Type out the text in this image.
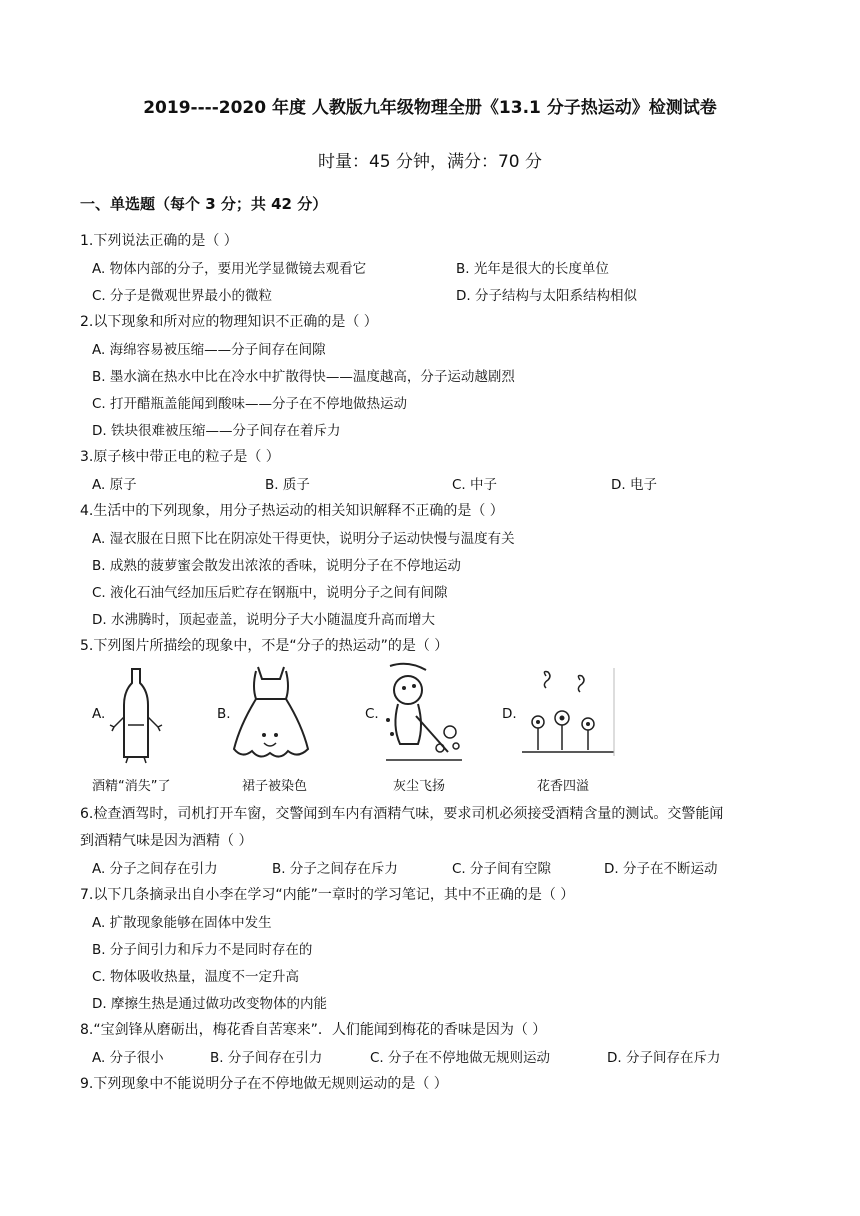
2019----2020 年度 人教版九年级物理全册《13.1 分子热运动》检测试卷
时量：45 分钟，满分：70 分
一、单选题（每个 3 分；共 42 分）
1.下列说法正确的是（ ）
A. 物体内部的分子，要用光学显微镜去观看它	B. 光年是很大的长度单位
C. 分子是微观世界最小的微粒	D. 分子结构与太阳系结构相似
2.以下现象和所对应的物理知识不正确的是（ ）
A. 海绵容易被压缩——分子间存在间隙
B. 墨水滴在热水中比在冷水中扩散得快——温度越高，分子运动越剧烈
C. 打开醋瓶盖能闻到酸味——分子在不停地做热运动
D. 铁块很难被压缩——分子间存在着斥力
3.原子核中带正电的粒子是（ ）
A. 原子	B. 质子	C. 中子	D. 电子
4.生活中的下列现象，用分子热运动的相关知识解释不正确的是（ ）
A. 湿衣服在日照下比在阴凉处干得更快，说明分子运动快慢与温度有关
B. 成熟的菠萝蜜会散发出浓浓的香味，说明分子在不停地运动
C. 液化石油气经加压后贮存在钢瓶中，说明分子之间有间隙
D. 水沸腾时，顶起壶盖，说明分子大小随温度升高而增大
5.下列图片所描绘的现象中，不是“分子的热运动”的是（ ）
A.	B.	C.	D.
酒精“消失”了	裙子被染色	灰尘飞扬	花香四溢
6.检查酒驾时，司机打开车窗，交警闻到车内有酒精气味，要求司机必须接受酒精含量的测试。交警能闻
到酒精气味是因为酒精（ ）
A. 分子之间存在引力	B. 分子之间存在斥力	C. 分子间有空隙	D. 分子在不断运动
7.以下几条摘录出自小李在学习“内能”一章时的学习笔记，其中不正确的是（ ）
A. 扩散现象能够在固体中发生
B. 分子间引力和斥力不是同时存在的
C. 物体吸收热量，温度不一定升高
D. 摩擦生热是通过做功改变物体的内能
8.“宝剑锋从磨砺出，梅花香自苦寒来”．人们能闻到梅花的香味是因为（ ）
A. 分子很小	B. 分子间存在引力	C. 分子在不停地做无规则运动	D. 分子间存在斥力
9.下列现象中不能说明分子在不停地做无规则运动的是（ ）
